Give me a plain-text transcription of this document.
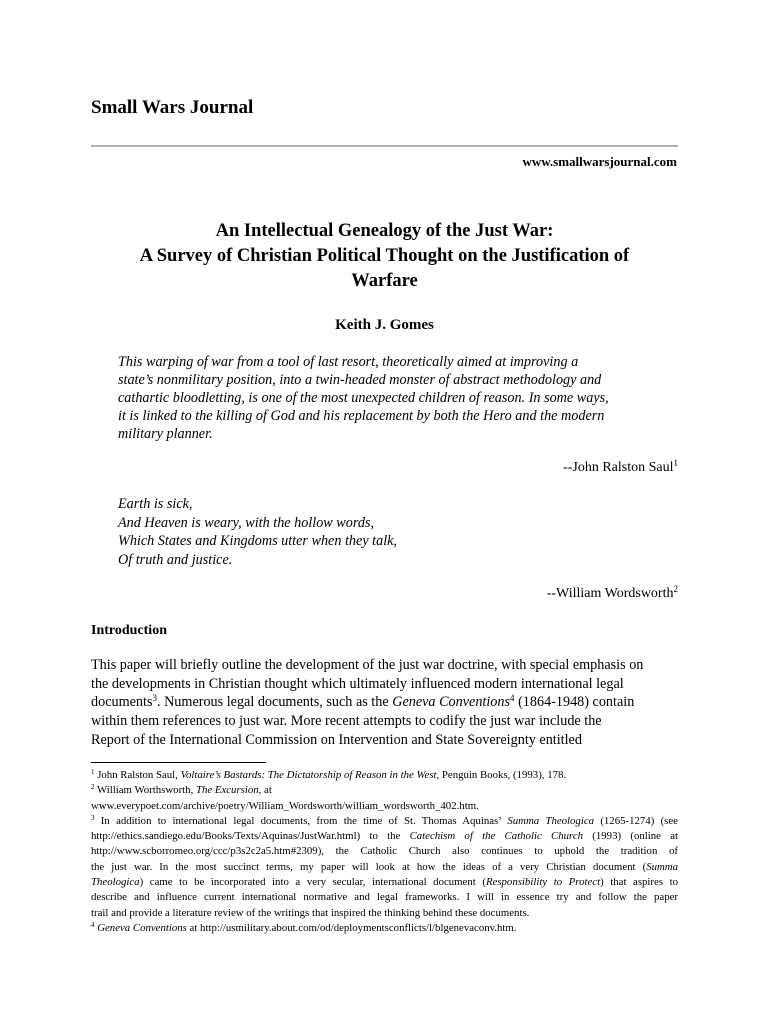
Small Wars Journal
www.smallwarsjournal.com
An Intellectual Genealogy of the Just War:
A Survey of Christian Political Thought on the Justification of
Warfare
Keith J. Gomes
This warping of war from a tool of last resort, theoretically aimed at improving a
state’s nonmilitary position, into a twin-headed monster of abstract methodology and
cathartic bloodletting, is one of the most unexpected children of reason. In some ways,
it is linked to the killing of God and his replacement by both the Hero and the modern
military planner.
--John Ralston Saul$^1$
Earth is sick,
And Heaven is weary, with the hollow words,
Which States and Kingdoms utter when they talk,
Of truth and justice.
--William Wordsworth$^2$
Introduction
This paper will briefly outline the development of the just war doctrine, with special emphasis on
the developments in Christian thought which ultimately influenced modern international legal
documents$^3$. Numerous legal documents, such as the Geneva Conventions$^4$ (1864-1948) contain
within them references to just war. More recent attempts to codify the just war include the
Report of the International Commission on Intervention and State Sovereignty entitled
$^1$ John Ralston Saul, Voltaire’s Bastards: The Dictatorship of Reason in the West, Penguin Books, (1993), 178.
$^2$ William Worthsworth, The Excursion, at
www.everypoet.com/archive/poetry/William_Wordsworth/william_wordsworth_402.htm.
$^3$ In addition to international legal documents, from the time of St. Thomas Aquinas’ Summa Theologica (1265-1274) (see
http://ethics.sandiego.edu/Books/Texts/Aquinas/JustWar.html) to the Catechism of the Catholic Church (1993) (online at
http://www.scborromeo.org/ccc/p3s2c2a5.htm#2309), the Catholic Church also continues to uphold the tradition of
the just war. In the most succinct terms, my paper will look at how the ideas of a very Christian document (Summa
Theologica) came to be incorporated into a very secular, international document (Responsibility to Protect) that aspires to
describe and influence current international normative and legal frameworks. I will in essence try and follow the paper
trail and provide a literature review of the writings that inspired the thinking behind these documents.
$^4$ Geneva Conventions at http://usmilitary.about.com/od/deploymentsconflicts/l/blgenevaconv.htm.
